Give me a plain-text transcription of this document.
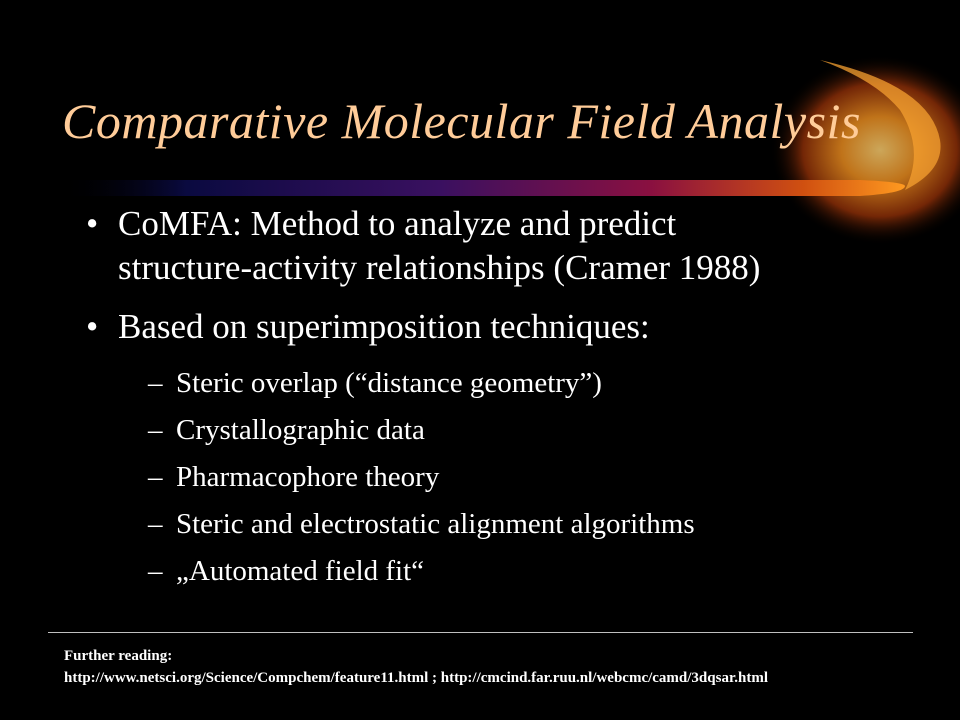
Comparative Molecular Field Analysis
• CoMFA: Method to analyze and predict
structure-activity relationships (Cramer 1988)
• Based on superimposition techniques:
– Steric overlap (“distance geometry”)
– Crystallographic data
– Pharmacophore theory
– Steric and electrostatic alignment algorithms
– „Automated field fit“
Further reading:
http://www.netsci.org/Science/Compchem/feature11.html ; http://cmcind.far.ruu.nl/webcmc/camd/3dqsar.html
